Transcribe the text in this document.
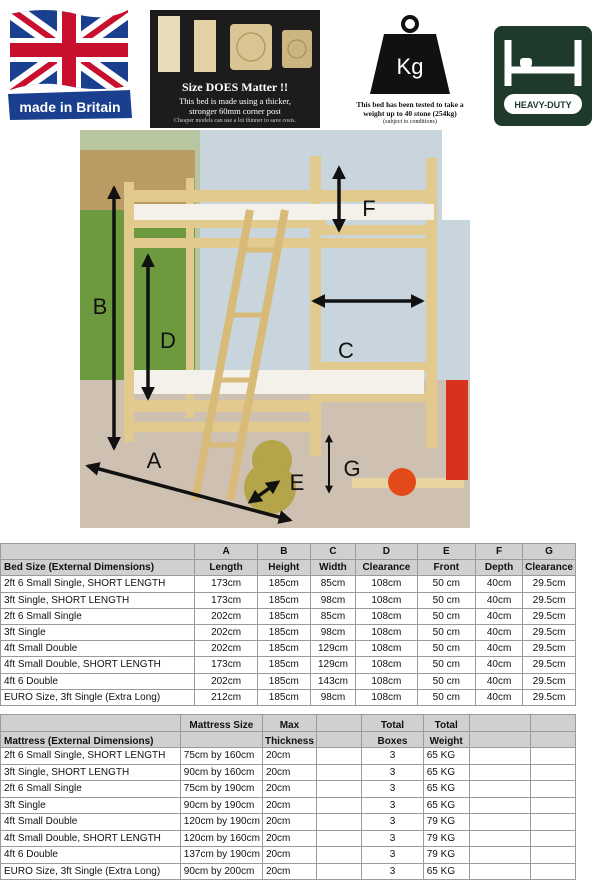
made in Britain
Size DOES Matter !!
This bed is made using a thicker,
stronger 60mm corner post
Cheaper models can use a lot thinner to save costs.
Kg
This bed has been tested to take a
weight up to 40 stone (254kg)
(subject to conditions)
HEAVY-DUTY
A
B
C
D
E
F
G
	A	B	C	D	E	F	G
Bed Size (External Dimensions)	Length	Height	Width	Clearance	Front	Depth	Clearance
2ft 6 Small Single, SHORT LENGTH	173cm	185cm	85cm	108cm	50 cm	40cm	29.5cm
3ft Single, SHORT LENGTH	173cm	185cm	98cm	108cm	50 cm	40cm	29.5cm
2ft 6 Small Single	202cm	185cm	85cm	108cm	50 cm	40cm	29.5cm
3ft Single	202cm	185cm	98cm	108cm	50 cm	40cm	29.5cm
4ft Small Double	202cm	185cm	129cm	108cm	50 cm	40cm	29.5cm
4ft Small Double, SHORT LENGTH	173cm	185cm	129cm	108cm	50 cm	40cm	29.5cm
4ft 6 Double	202cm	185cm	143cm	108cm	50 cm	40cm	29.5cm
EURO Size, 3ft Single (Extra Long)	212cm	185cm	98cm	108cm	50 cm	40cm	29.5cm
	Mattress Size	Max		Total	Total		
Mattress (External Dimensions)		Thickness		Boxes	Weight		
2ft 6 Small Single, SHORT LENGTH	75cm by 160cm	20cm		3	65 KG		
3ft Single, SHORT LENGTH	90cm by 160cm	20cm		3	65 KG		
2ft 6 Small Single	75cm by 190cm	20cm		3	65 KG		
3ft Single	90cm by 190cm	20cm		3	65 KG		
4ft Small Double	120cm by 190cm	20cm		3	79 KG		
4ft Small Double, SHORT LENGTH	120cm by 160cm	20cm		3	79 KG		
4ft 6 Double	137cm by 190cm	20cm		3	79 KG		
EURO Size, 3ft Single (Extra Long)	90cm by 200cm	20cm		3	65 KG		
